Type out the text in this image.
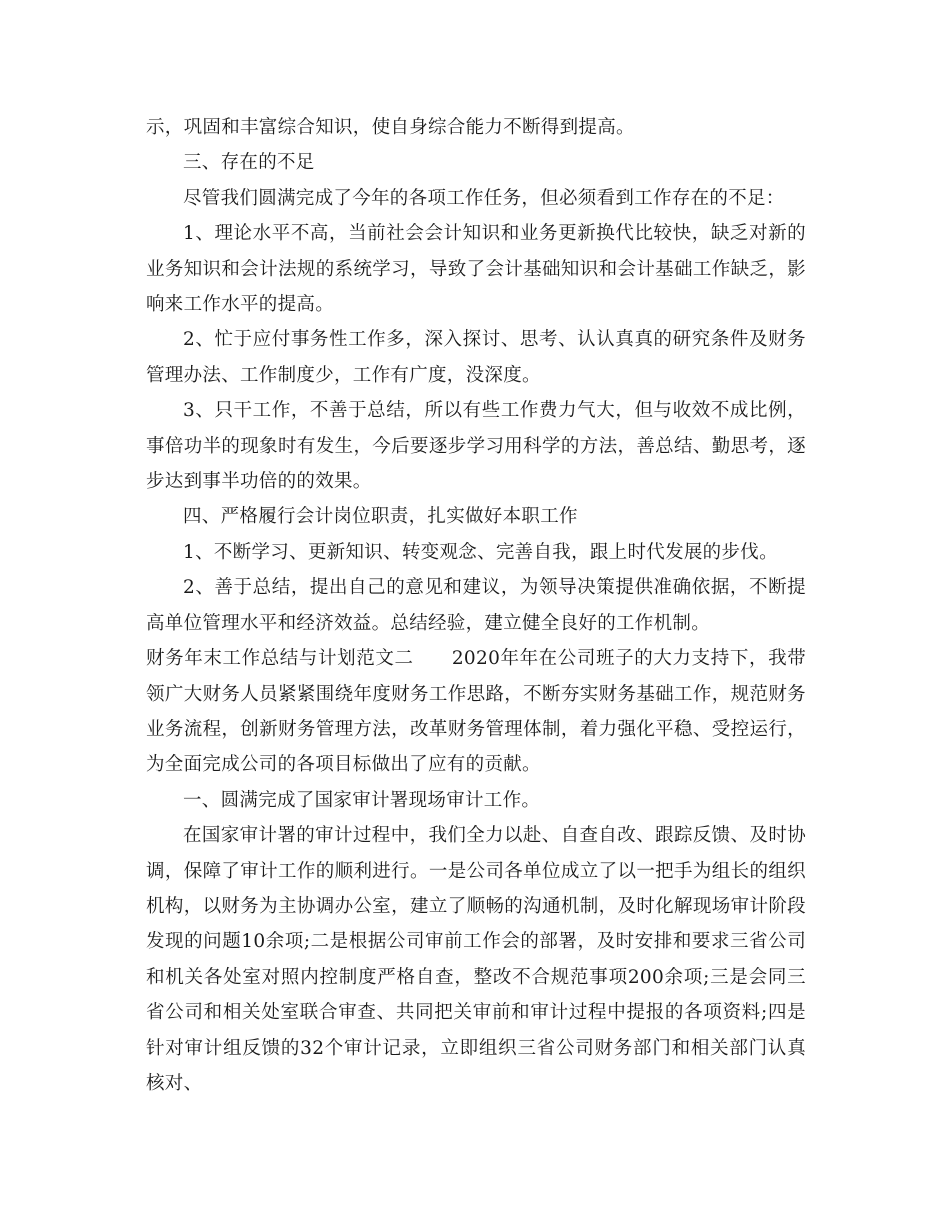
示，巩固和丰富综合知识，使自身综合能力不断得到提高。

三、存在的不足

尽管我们圆满完成了今年的各项工作任务，但必须看到工作存在的不足：

1、理论水平不高，当前社会会计知识和业务更新换代比较快，缺乏对新的业务知识和会计法规的系统学习，导致了会计基础知识和会计基础工作缺乏，影响来工作水平的提高。

2、忙于应付事务性工作多，深入探讨、思考、认认真真的研究条件及财务管理办法、工作制度少，工作有广度，没深度。

3、只干工作，不善于总结，所以有些工作费力气大，但与收效不成比例，事倍功半的现象时有发生，今后要逐步学习用科学的方法，善总结、勤思考，逐步达到事半功倍的的效果。

四、严格履行会计岗位职责，扎实做好本职工作

1、不断学习、更新知识、转变观念、完善自我，跟上时代发展的步伐。

2、善于总结，提出自己的意见和建议，为领导决策提供准确依据，不断提高单位管理水平和经济效益。总结经验，建立健全良好的工作机制。

财务年末工作总结与计划范文二　　2020年年在公司班子的大力支持下，我带领广大财务人员紧紧围绕年度财务工作思路，不断夯实财务基础工作，规范财务业务流程，创新财务管理方法，改革财务管理体制，着力强化平稳、受控运行，为全面完成公司的各项目标做出了应有的贡献。

一、圆满完成了国家审计署现场审计工作。

在国家审计署的审计过程中，我们全力以赴、自查自改、跟踪反馈、及时协调，保障了审计工作的顺利进行。一是公司各单位成立了以一把手为组长的组织机构，以财务为主协调办公室，建立了顺畅的沟通机制，及时化解现场审计阶段发现的问题10余项;二是根据公司审前工作会的部署，及时安排和要求三省公司和机关各处室对照内控制度严格自查，整改不合规范事项200余项;三是会同三省公司和相关处室联合审查、共同把关审前和审计过程中提报的各项资料;四是针对审计组反馈的32个审计记录，立即组织三省公司财务部门和相关部门认真核对、
